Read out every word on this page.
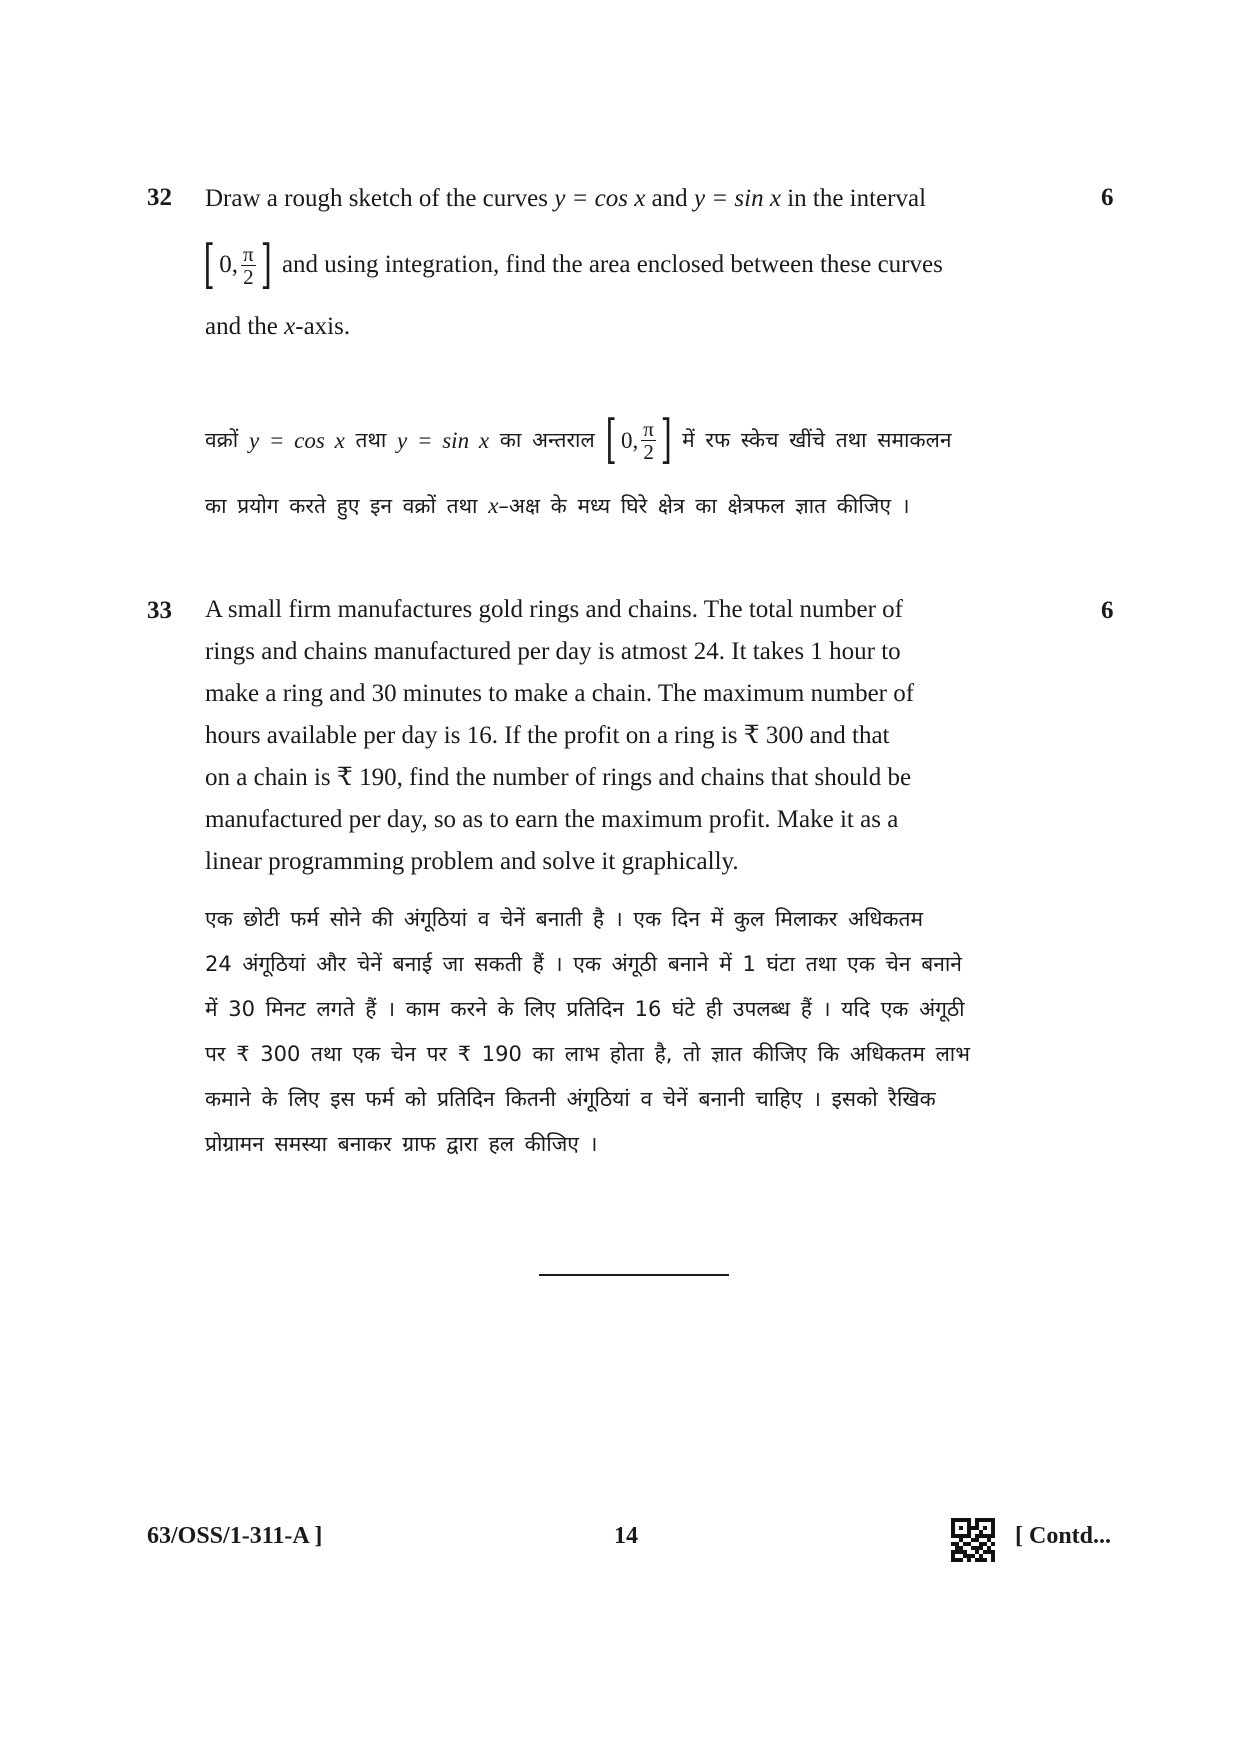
32	6
Draw a rough sketch of the curves y = cos x and y = sin x in the interval
[ 0, $\frac{\pi}{2}$ ] and using integration, find the area enclosed between these curves
and the x-axis.
वक्रों
y = cos x
तथा
y = sin x
का अन्तराल [ 0, $\frac{\pi}{2}$ ] में रफ स्केच खींचे तथा समाकलन
का प्रयोग करते हुए इन वक्रों तथा x–अक्ष के मध्य घिरे क्षेत्र का क्षेत्रफल ज्ञात कीजिए ।
33	6
A small firm manufactures gold rings and chains. The total number of
rings and chains manufactured per day is atmost 24. It takes 1 hour to
make a ring and 30 minutes to make a chain. The maximum number of
hours available per day is 16. If the profit on a ring is ₹ 300 and that
on a chain is ₹ 190, find the number of rings and chains that should be
manufactured per day, so as to earn the maximum profit. Make it as a
linear programming problem and solve it graphically.
एक छोटी फर्म सोने की अंगूठियां व चेनें बनाती है । एक दिन में कुल मिलाकर अधिकतम
24 अंगूठियां और चेनें बनाई जा सकती हैं । एक अंगूठी बनाने में 1 घंटा तथा एक चेन बनाने
में 30 मिनट लगते हैं । काम करने के लिए प्रतिदिन 16 घंटे ही उपलब्ध हैं । यदि एक अंगूठी
पर ₹ 300 तथा एक चेन पर ₹ 190 का लाभ होता है, तो ज्ञात कीजिए कि अधिकतम लाभ
कमाने के लिए इस फर्म को प्रतिदिन कितनी अंगूठियां व चेनें बनानी चाहिए । इसको रैखिक
प्रोग्रामन समस्या बनाकर ग्राफ द्वारा हल कीजिए ।
63/OSS/1-311-A ]	14	[ Contd...
